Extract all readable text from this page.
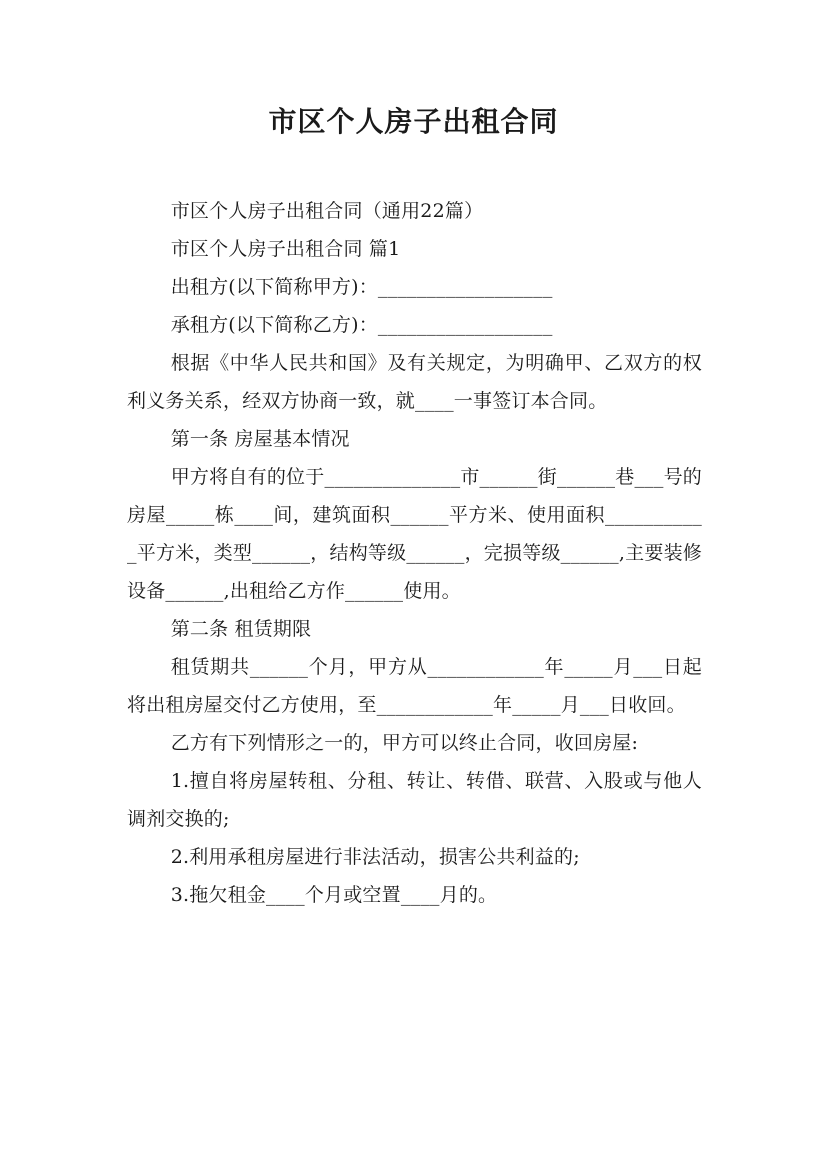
市区个人房子出租合同

市区个人房子出租合同（通用22篇）

市区个人房子出租合同 篇1

出租方(以下简称甲方)：__________________

承租方(以下简称乙方)：__________________

根据《中华人民共和国》及有关规定，为明确甲、乙双方的权利义务关系，经双方协商一致，就____一事签订本合同。

第一条 房屋基本情况

甲方将自有的位于______________市______街______巷___号的房屋_____栋____间，建筑面积______平方米、使用面积___________平方米，类型______，结构等级______，完损等级______,主要装修设备______,出租给乙方作______使用。

第二条 租赁期限

租赁期共______个月，甲方从____________年_____月___日起将出租房屋交付乙方使用，至____________年_____月___日收回。

乙方有下列情形之一的，甲方可以终止合同，收回房屋:

1.擅自将房屋转租、分租、转让、转借、联营、入股或与他人调剂交换的;

2.利用承租房屋进行非法活动，损害公共利益的;

3.拖欠租金____个月或空置____月的。
